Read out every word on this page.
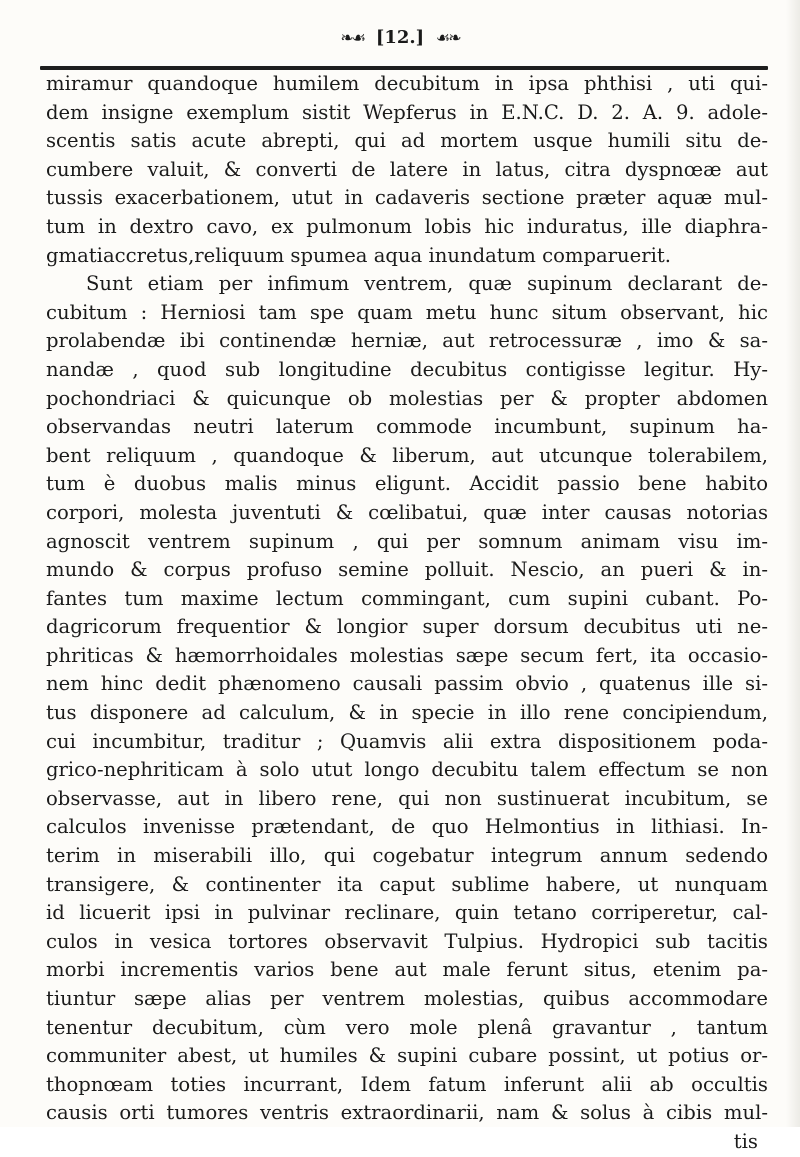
❧☙ [12.] ☙❧
miramur quandoque humilem decubitum in ipsa phthisi , uti qui-
dem insigne exemplum sistit Wepferus in E.N.C. D. 2. A. 9. adole-
scentis satis acute abrepti, qui ad mortem usque humili situ de-
cumbere valuit, & converti de latere in latus, citra dyspnœæ aut
tussis exacerbationem, utut in cadaveris sectione præter aquæ mul-
tum in dextro cavo, ex pulmonum lobis hic induratus, ille diaphra-
gmatiaccretus,reliquum spumea aqua inundatum comparuerit.
Sunt etiam per infimum ventrem, quæ supinum declarant de-
cubitum : Herniosi tam spe quam metu hunc situm observant, hic
prolabendæ ibi continendæ herniæ, aut retrocessuræ , imo & sa-
nandæ , quod sub longitudine decubitus contigisse legitur. Hy-
pochondriaci & quicunque ob molestias per & propter abdomen
observandas neutri laterum commode incumbunt, supinum ha-
bent reliquum , quandoque & liberum, aut utcunque tolerabilem,
tum è duobus malis minus eligunt. Accidit passio bene habito
corpori, molesta juventuti & cœlibatui, quæ inter causas notorias
agnoscit ventrem supinum , qui per somnum animam visu im-
mundo & corpus profuso semine polluit. Nescio, an pueri & in-
fantes tum maxime lectum commingant, cum supini cubant. Po-
dagricorum frequentior & longior super dorsum decubitus uti ne-
phriticas & hæmorrhoidales molestias sæpe secum fert, ita occasio-
nem hinc dedit phænomeno causali passim obvio , quatenus ille si-
tus disponere ad calculum, & in specie in illo rene concipiendum,
cui incumbitur, traditur ; Quamvis alii extra dispositionem poda-
grico-nephriticam à solo utut longo decubitu talem effectum se non
observasse, aut in libero rene, qui non sustinuerat incubitum, se
calculos invenisse prætendant, de quo Helmontius in lithiasi. In-
terim in miserabili illo, qui cogebatur integrum annum sedendo
transigere, & continenter ita caput sublime habere, ut nunquam
id licuerit ipsi in pulvinar reclinare, quin tetano corriperetur, cal-
culos in vesica tortores observavit Tulpius. Hydropici sub tacitis
morbi incrementis varios bene aut male ferunt situs, etenim pa-
tiuntur sæpe alias per ventrem molestias, quibus accommodare
tenentur decubitum, cùm vero mole plenâ gravantur , tantum
communiter abest, ut humiles & supini cubare possint, ut potius or-
thopnœam toties incurrant, Idem fatum inferunt alii ab occultis
causis orti tumores ventris extraordinarii, nam & solus à cibis mul-
tis
